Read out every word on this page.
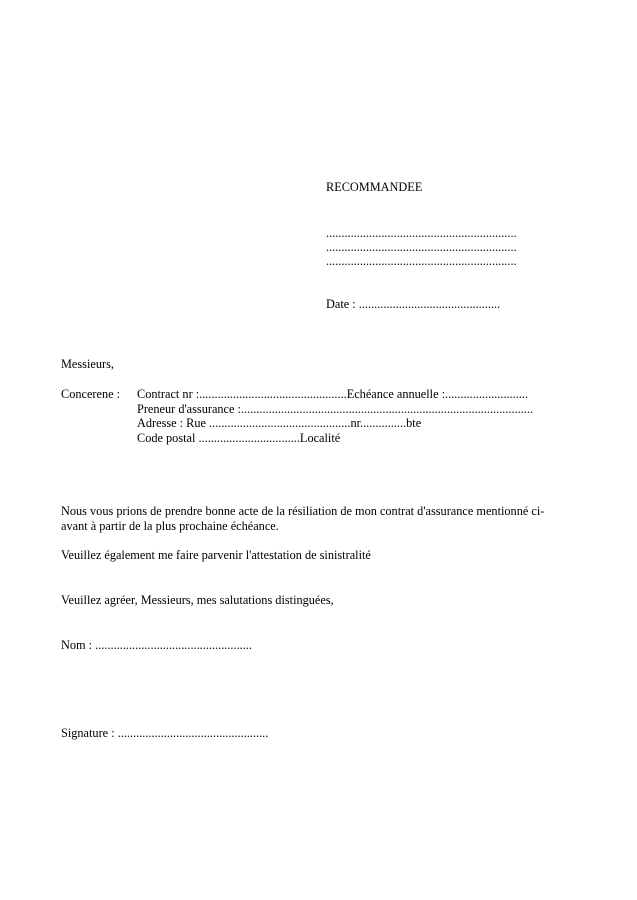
RECOMMANDEE
..............................................................
..............................................................
..............................................................
Date : ..............................................
Messieurs,
Concerene : Contract nr :................................................Echéance annuelle :...........................
Preneur d'assurance :...............................................................................................
Adresse : Rue ..............................................nr...............bte
Code postal .................................Localité
Nous vous prions de prendre bonne acte de la résiliation de mon contrat d'assurance mentionné ci-
avant à partir de la plus prochaine échéance.
Veuillez également me faire parvenir l'attestation de sinistralité
Veuillez agréer, Messieurs, mes salutations distinguées,
Nom : ...................................................
Signature : .................................................
